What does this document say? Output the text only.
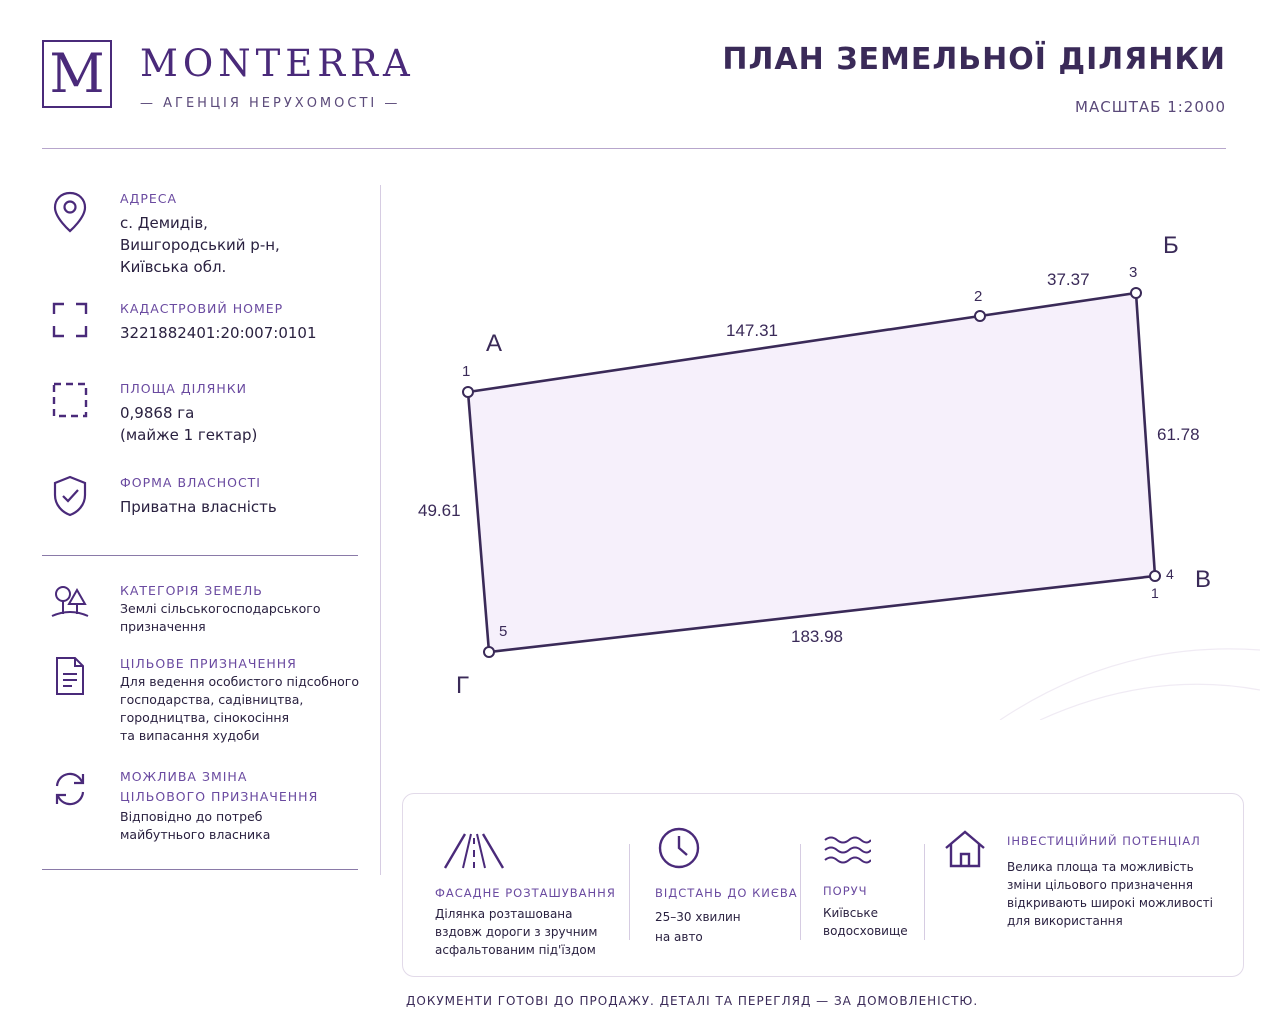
M MONTERRA
— АГЕНЦІЯ НЕРУХОМОСТІ —
ПЛАН ЗЕМЕЛЬНОЇ ДІЛЯНКИ
МАСШТАБ 1:2000
АДРЕСА
с. Демидів,
Вишгородський р-н,
Київська обл.
КАДАСТРОВИЙ НОМЕР
3221882401:20:007:0101
ПЛОЩА ДІЛЯНКИ
0,9868 га
(майже 1 гектар)
ФОРМА ВЛАСНОСТІ
Приватна власність
КАТЕГОРІЯ ЗЕМЕЛЬ
Землі сільськогосподарського
призначення
ЦІЛЬОВЕ ПРИЗНАЧЕННЯ
Для ведення особистого підсобного
господарства, садівництва,
городництва, сінокосіння
та випасання худоби
МОЖЛИВА ЗМІНА
ЦІЛЬОВОГО ПРИЗНАЧЕННЯ
Відповідно до потреб
майбутнього власника
А
Б
В
Г
1
2
3
4
5
1
147.31
37.37
61.78
183.98
49.61
ФАСАДНЕ РОЗТАШУВАННЯ
Ділянка розташована
вздовж дороги з зручним
асфальтованим під'їздом
ВІДСТАНЬ ДО КИЄВА
25–30 хвилин
на авто
ПОРУЧ
Київське
водосховище
ІНВЕСТИЦІЙНИЙ ПОТЕНЦІАЛ
Велика площа та можливість
зміни цільового призначення
відкривають широкі можливості
для використання
ДОКУМЕНТИ ГОТОВІ ДО ПРОДАЖУ. ДЕТАЛІ ТА ПЕРЕГЛЯД — ЗА ДОМОВЛЕНІСТЮ.
